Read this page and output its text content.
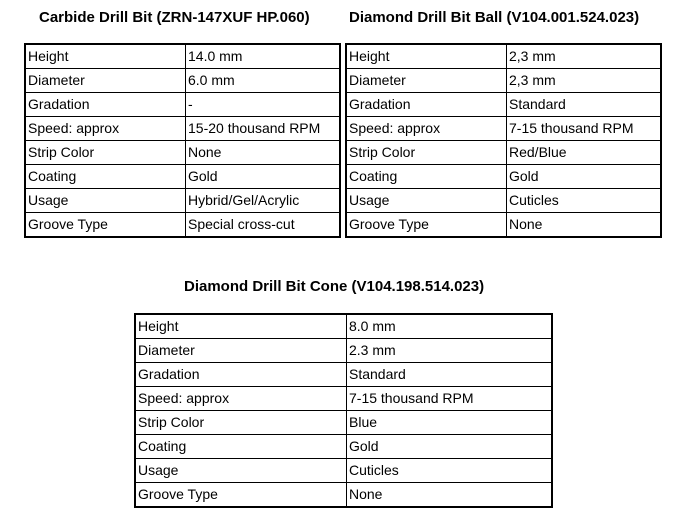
Carbide Drill Bit (ZRN-147XUF HP.060)	Diamond Drill Bit Ball (V104.001.524.023)
Diamond Drill Bit Cone (V104.198.514.023)
Height	14.0 mm
Diameter	6.0 mm
Gradation	-
Speed: approx	15-20 thousand RPM
Strip Color	None
Coating	Gold
Usage	Hybrid/Gel/Acrylic
Groove Type	Special cross-cut
Height	2,3 mm
Diameter	2,3 mm
Gradation	Standard
Speed: approx	7-15 thousand RPM
Strip Color	Red/Blue
Coating	Gold
Usage	Cuticles
Groove Type	None
Height	8.0 mm
Diameter	2.3 mm
Gradation	Standard
Speed: approx	7-15 thousand RPM
Strip Color	Blue
Coating	Gold
Usage	Cuticles
Groove Type	None
